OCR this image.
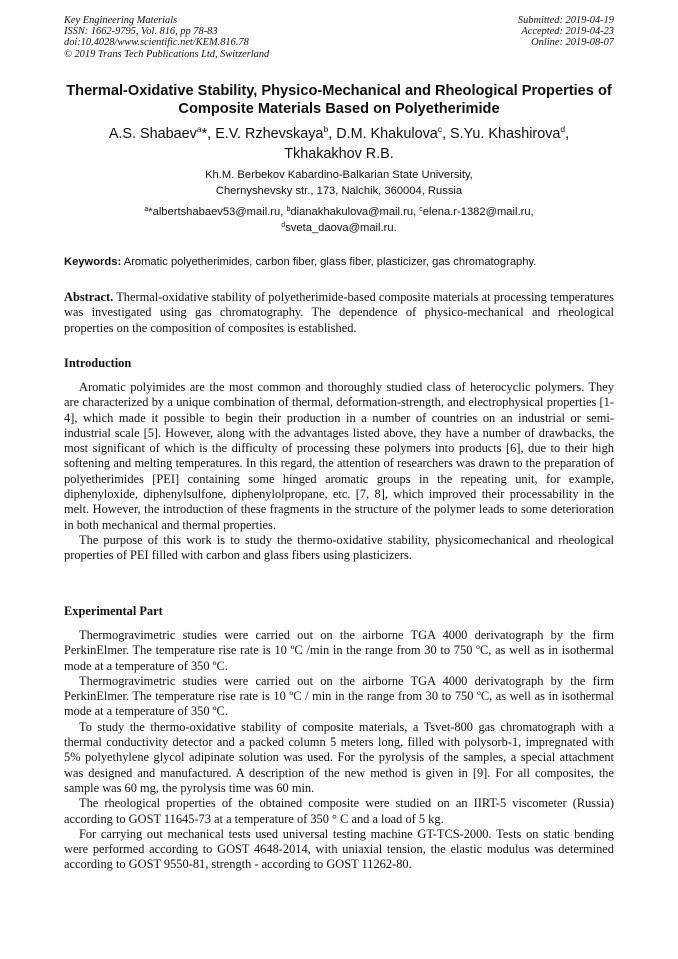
Key Engineering Materials
ISSN: 1662-9795, Vol. 816, pp 78-83
doi:10.4028/www.scientific.net/KEM.816.78
© 2019 Trans Tech Publications Ltd, Switzerland
Submitted: 2019-04-19
Accepted: 2019-04-23
Online: 2019-08-07
Thermal-Oxidative Stability, Physico-Mechanical and Rheological Properties of Composite Materials Based on Polyetherimide
A.S. Shabaev$^a$*, E.V. Rzhevskaya$^b$, D.M. Khakulova$^c$, S.Yu. Khashirova$^d$,
Tkhakakhov R.B.
Kh.M. Berbekov Kabardino-Balkarian State University,
Chernyshevsky str., 173, Nalchik, 360004, Russia
$^a$*albertshabaev53@mail.ru, $^b$dianakhakulova@mail.ru, $^c$elena.r-1382@mail.ru,
$^d$sveta_daova@mail.ru.
Keywords: Aromatic polyetherimides, carbon fiber, glass fiber, plasticizer, gas chromatography.
Abstract. Thermal-oxidative stability of polyetherimide-based composite materials at processing temperatures was investigated using gas chromatography. The dependence of physico-mechanical and rheological properties on the composition of composites is established.
Introduction

Aromatic polyimides are the most common and thoroughly studied class of heterocyclic polymers. They are characterized by a unique combination of thermal, deformation-strength, and electrophysical properties [1-4], which made it possible to begin their production in a number of countries on an industrial or semi-industrial scale [5]. However, along with the advantages listed above, they have a number of drawbacks, the most significant of which is the difficulty of processing these polymers into products [6], due to their high softening and melting temperatures. In this regard, the attention of researchers was drawn to the preparation of polyetherimides [PEI] containing some hinged aromatic groups in the repeating unit, for example, diphenyloxide, diphenylsulfone, diphenylolpropane, etc. [7, 8], which improved their processability in the melt. However, the introduction of these fragments in the structure of the polymer leads to some deterioration in both mechanical and thermal properties.

The purpose of this work is to study the thermo-oxidative stability, physicomechanical and rheological properties of PEI filled with carbon and glass fibers using plasticizers.

Experimental Part

Thermogravimetric studies were carried out on the airborne TGA 4000 derivatograph by the firm PerkinElmer. The temperature rise rate is 10 ºC /min in the range from 30 to 750 ºC, as well as in isothermal mode at a temperature of 350 ºC.

Thermogravimetric studies were carried out on the airborne TGA 4000 derivatograph by the firm PerkinElmer. The temperature rise rate is 10 ºC / min in the range from 30 to 750 ºC, as well as in isothermal mode at a temperature of 350 ºC.

To study the thermo-oxidative stability of composite materials, a Tsvet-800 gas chromatograph with a thermal conductivity detector and a packed column 5 meters long, filled with polysorb-1, impregnated with 5% polyethylene glycol adipinate solution was used. For the pyrolysis of the samples, a special attachment was designed and manufactured. A description of the new method is given in [9]. For all composites, the sample was 60 mg, the pyrolysis time was 60 min.

The rheological properties of the obtained composite were studied on an IIRT-5 viscometer (Russia) according to GOST 11645-73 at a temperature of 350 ° C and a load of 5 kg.

For carrying out mechanical tests used universal testing machine GT-TCS-2000. Tests on static bending were performed according to GOST 4648-2014, with uniaxial tension, the elastic modulus was determined according to GOST 9550-81, strength - according to GOST 11262-80.
